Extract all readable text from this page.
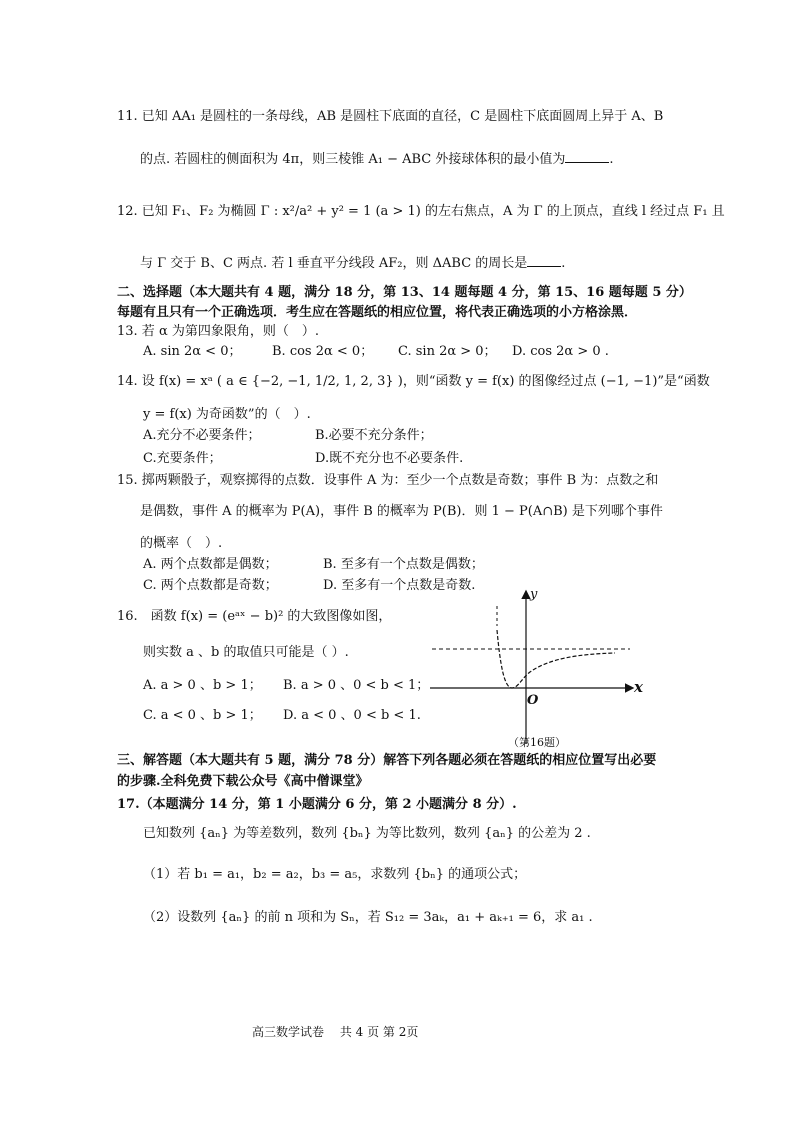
11. 已知 AA₁ 是圆柱的一条母线，AB 是圆柱下底面的直径，C 是圆柱下底面圆周上异于 A、B
的点. 若圆柱的侧面积为 4π，则三棱锥 A₁ − ABC 外接球体积的最小值为	.
12. 已知 F₁、F₂ 为椭圆 Γ : x²/a² + y² = 1 (a > 1) 的左右焦点，A 为 Γ 的上顶点，直线 l 经过点 F₁ 且
与 Γ 交于 B、C 两点. 若 l 垂直平分线段 AF₂，则 ΔABC 的周长是	.
二、选择题（本大题共有 4 题，满分 18 分，第 13、14 题每题 4 分，第 15、16 题每题 5 分）
每题有且只有一个正确选项．考生应在答题纸的相应位置，将代表正确选项的小方格涂黑．
13. 若 α 为第四象限角，则（　）.
A. sin 2α < 0； B. cos 2α < 0； C. sin 2α > 0； D. cos 2α > 0 .
14. 设 f(x) = xᵃ ( a ∈ {−2, −1, 1/2, 1, 2, 3} )，则“函数 y = f(x) 的图像经过点 (−1, −1)”是“函数
y = f(x) 为奇函数”的（　）.
A.充分不必要条件；	B.必要不充分条件；
C.充要条件；	D.既不充分也不必要条件.
15. 掷两颗骰子，观察掷得的点数．设事件 A 为：至少一个点数是奇数；事件 B 为：点数之和
是偶数，事件 A 的概率为 P(A)，事件 B 的概率为 P(B)．则 1 − P(A∩B) 是下列哪个事件
的概率（　）.
A. 两个点数都是偶数；	B. 至多有一个点数是偶数；
C. 两个点数都是奇数；	D. 至多有一个点数是奇数.
16.　函数 f(x) = (eᵃˣ − b)² 的大致图像如图，
则实数 a 、b 的取值只可能是（ ）.
A. a > 0 、b > 1； B. a > 0 、0 < b < 1；
C. a < 0 、b > 1； D. a < 0 、0 < b < 1.
x
y
O
（第16题）
三、解答题（本大题共有 5 题，满分 78 分）解答下列各题必须在答题纸的相应位置写出必要
的步骤.全科免费下载公众号《高中僧课堂》
17.（本题满分 14 分，第 1 小题满分 6 分，第 2 小题满分 8 分）.
已知数列 {aₙ} 为等差数列，数列 {bₙ} 为等比数列，数列 {aₙ} 的公差为 2 .
（1）若 b₁ = a₁，b₂ = a₂，b₃ = a₅，求数列 {bₙ} 的通项公式；
（2）设数列 {aₙ} 的前 n 项和为 Sₙ，若 S₁₂ = 3aₖ，a₁ + aₖ₊₁ = 6，求 a₁ .
高三数学试卷　 共 4 页 第 2页
